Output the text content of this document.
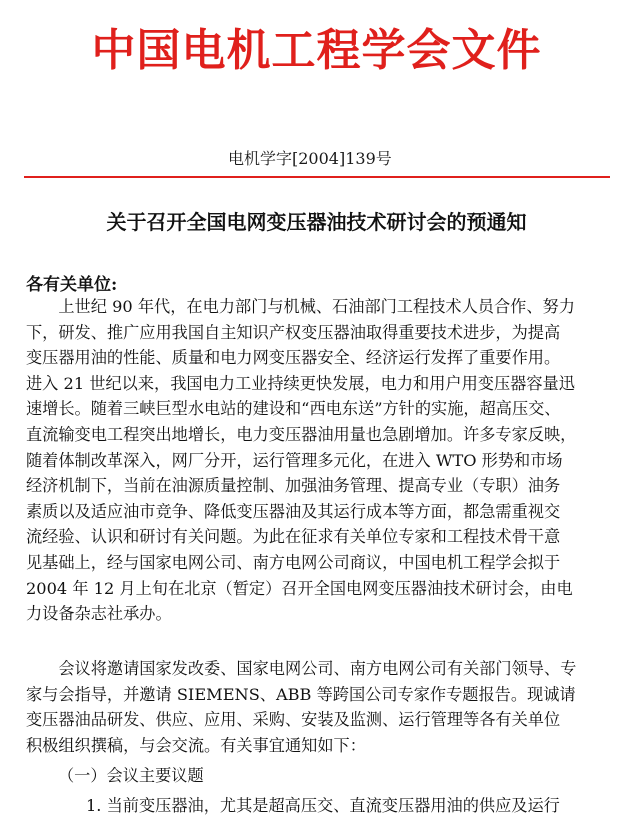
中国电机工程学会文件
电机学字[2004]139号
关于召开全国电网变压器油技术研讨会的预通知
各有关单位:
　　上世纪 90 年代，在电力部门与机械、石油部门工程技术人员合作、努力
下，研发、推广应用我国自主知识产权变压器油取得重要技术进步，为提高
变压器用油的性能、质量和电力网变压器安全、经济运行发挥了重要作用。
进入 21 世纪以来，我国电力工业持续更快发展，电力和用户用变压器容量迅
速增长。随着三峡巨型水电站的建设和“西电东送”方针的实施，超高压交、
直流输变电工程突出地增长，电力变压器油用量也急剧增加。许多专家反映，
随着体制改革深入，网厂分开，运行管理多元化，在进入 WTO 形势和市场
经济机制下，当前在油源质量控制、加强油务管理、提高专业（专职）油务
素质以及适应油市竞争、降低变压器油及其运行成本等方面，都急需重视交
流经验、认识和研讨有关问题。为此在征求有关单位专家和工程技术骨干意
见基础上，经与国家电网公司、南方电网公司商议，中国电机工程学会拟于
2004 年 12 月上旬在北京（暂定）召开全国电网变压器油技术研讨会，由电
力设备杂志社承办。
　　会议将邀请国家发改委、国家电网公司、南方电网公司有关部门领导、专
家与会指导，并邀请 SIEMENS、ABB 等跨国公司专家作专题报告。现诚请
变压器油品研发、供应、应用、采购、安装及监测、运行管理等各有关单位
积极组织撰稿，与会交流。有关事宜通知如下：
（一）会议主要议题
1. 当前变压器油，尤其是超高压交、直流变压器用油的供应及运行
